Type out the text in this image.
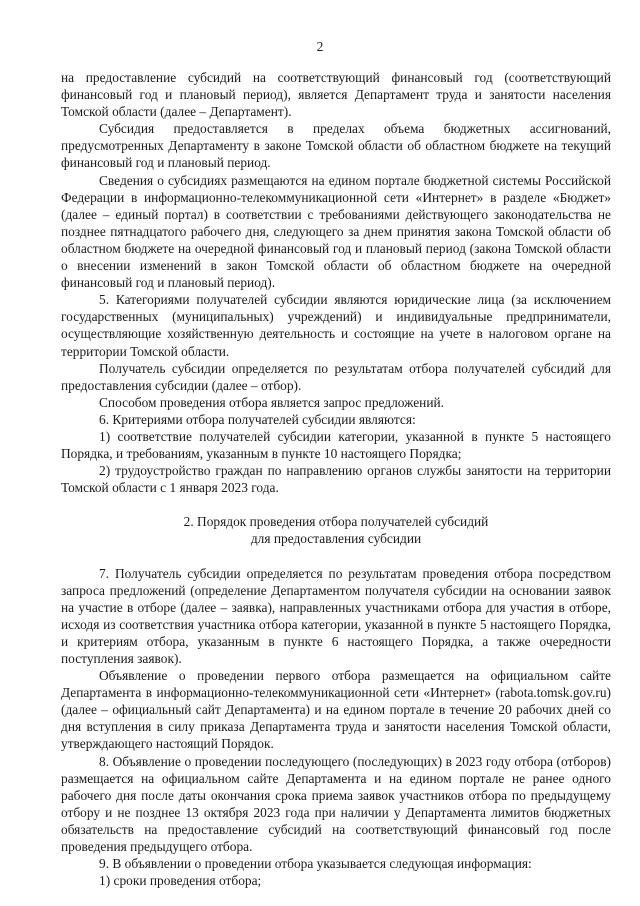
2

на предоставление субсидий на соответствующий финансовый год (соответствующий финансовый год и плановый период), является Департамент труда и занятости населения Томской области (далее – Департамент).

Субсидия предоставляется в пределах объема бюджетных ассигнований, предусмотренных Департаменту в законе Томской области об областном бюджете на текущий финансовый год и плановый период.

Сведения о субсидиях размещаются на едином портале бюджетной системы Российской Федерации в информационно-телекоммуникационной сети «Интернет» в разделе «Бюджет» (далее – единый портал) в соответствии с требованиями действующего законодательства не позднее пятнадцатого рабочего дня, следующего за днем принятия закона Томской области об областном бюджете на очередной финансовый год и плановый период (закона Томской области о внесении изменений в закон Томской области об областном бюджете на очередной финансовый год и плановый период).

5. Категориями получателей субсидии являются юридические лица (за исключением государственных (муниципальных) учреждений) и индивидуальные предприниматели, осуществляющие хозяйственную деятельность и состоящие на учете в налоговом органе на территории Томской области.

Получатель субсидии определяется по результатам отбора получателей субсидий для предоставления субсидии (далее – отбор).

Способом проведения отбора является запрос предложений.

6. Критериями отбора получателей субсидии являются:

1) соответствие получателей субсидии категории, указанной в пункте 5 настоящего Порядка, и требованиям, указанным в пункте 10 настоящего Порядка;

2) трудоустройство граждан по направлению органов службы занятости на территории Томской области с 1 января 2023 года.

2. Порядок проведения отбора получателей субсидий

для предоставления субсидии

7. Получатель субсидии определяется по результатам проведения отбора посредством запроса предложений (определение Департаментом получателя субсидии на основании заявок на участие в отборе (далее – заявка), направленных участниками отбора для участия в отборе, исходя из соответствия участника отбора категории, указанной в пункте 5 настоящего Порядка, и критериям отбора, указанным в пункте 6 настоящего Порядка, а также очередности поступления заявок).

Объявление о проведении первого отбора размещается на официальном сайте Департамента в информационно-телекоммуникационной сети «Интернет» (rabota.tomsk.gov.ru) (далее – официальный сайт Департамента) и на едином портале в течение 20 рабочих дней со дня вступления в силу приказа Департамента труда и занятости населения Томской области, утверждающего настоящий Порядок.

8. Объявление о проведении последующего (последующих) в 2023 году отбора (отборов) размещается на официальном сайте Департамента и на едином портале не ранее одного рабочего дня после даты окончания срока приема заявок участников отбора по предыдущему отбору и не позднее 13 октября 2023 года при наличии у Департамента лимитов бюджетных обязательств на предоставление субсидий на соответствующий финансовый год после проведения предыдущего отбора.

9. В объявлении о проведении отбора указывается следующая информация:

1) сроки проведения отбора;
